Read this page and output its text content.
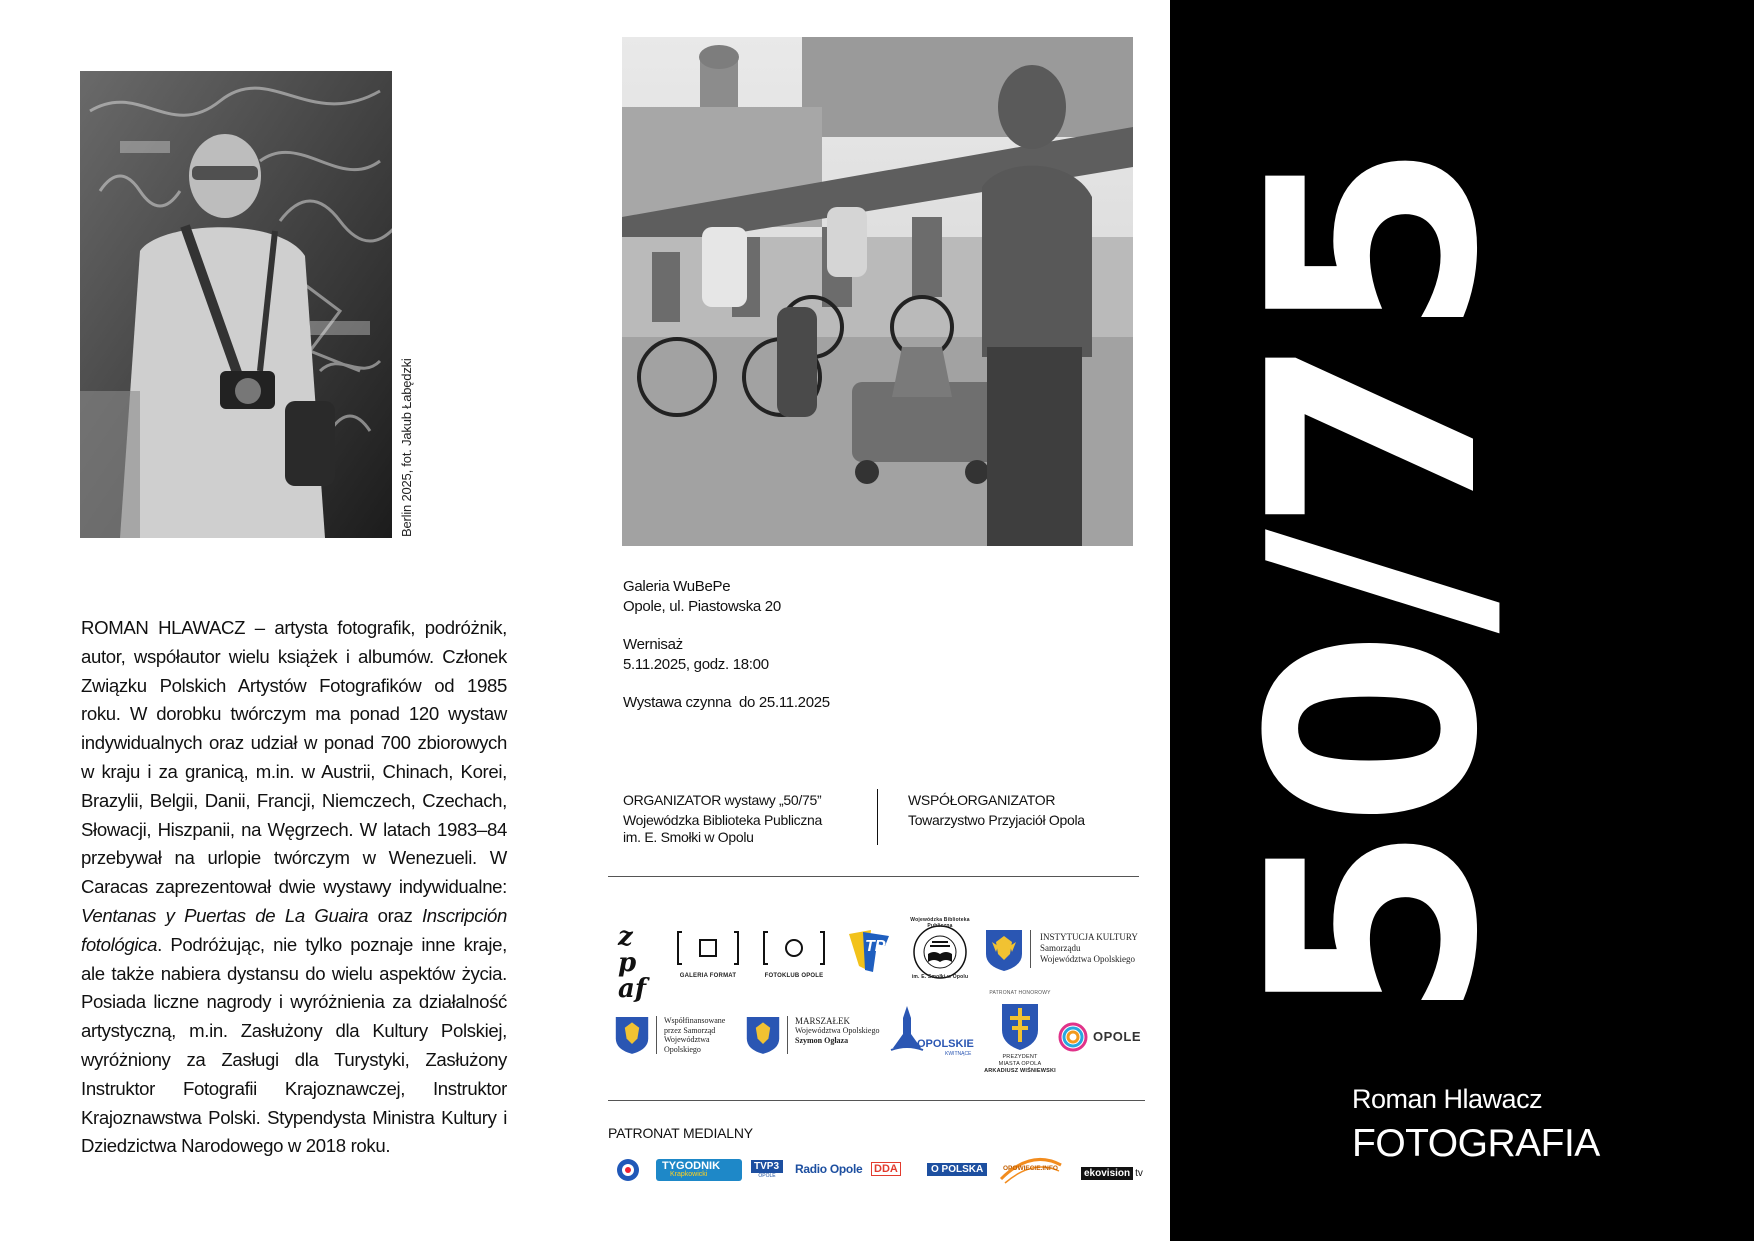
Berlin 2025, fot. Jakub Łabędzki
ROMAN HLAWACZ – artysta fotografik, podróżnik, autor, współautor wielu książek i albumów. Członek Związku Polskich Artystów Fotografików od 1985 roku. W dorobku twórczym ma ponad 120 wystaw indywidualnych oraz udział w ponad 700 zbiorowych w kraju i za granicą, m.in. w Austrii, Chinach, Korei, Brazylii, Belgii, Danii, Francji, Niemczech, Czechach, Słowacji, Hiszpanii, na Węgrzech. W latach 1983–84 przebywał na urlopie twórczym w Wenezueli. W Caracas zaprezentował dwie wystawy indywidualne: Ventanas y Puertas de La Guaira oraz Inscripción fotológica. Podróżując, nie tylko poznaje inne kraje, ale także nabiera dystansu do wielu aspektów życia. Posiada liczne nagrody i wyróżnienia za działalność artystyczną, m.in. Zasłużony dla Kultury Polskiej, wyróżniony za Zasługi dla Turystyki, Zasłużony Instruktor Fotografii Krajoznawczej, Instruktor Krajoznawstwa Polski. Stypendysta Ministra Kultury i Dziedzictwa Narodowego w 2018 roku.
Galeria WuBePe
Opole, ul. Piastowska 20
Wernisaż
5.11.2025, godz. 18:00
Wystawa czynna  do 25.11.2025
ORGANIZATOR wystawy „50/75”
Wojewódzka Biblioteka Publiczna
im. E. Smołki w Opolu
WSPÓŁORGANIZATOR
Towarzystwo Przyjaciół Opola
zp af	GALERIA FORMAT	FOTOKLUB OPOLE
TPO
Wojewódzka Biblioteka Publiczna
im. E. Smołki w Opolu
INSTYTUCJA KULTURY
Samorządu
Województwa Opolskiego
Współfinansowane
przez Samorząd
Województwa
Opolskiego
MARSZAŁEK
Województwa Opolskiego
Szymon Ogłaza	OPOLSKIE
KWITNĄCE
PATRONAT HONOROWY
PREZYDENT
MIASTA OPOLA
ARKADIUSZ WIŚNIEWSKI
OPOLE
PATRONAT MEDIALNY
TYGODNIK
Krapkowicki
TVP3
OPOLE	Radio Opole DDA	O POLSKA	OPOWIECIE.INFO	ekovision tv
50/75
Roman Hlawacz
FOTOGRAFIA
